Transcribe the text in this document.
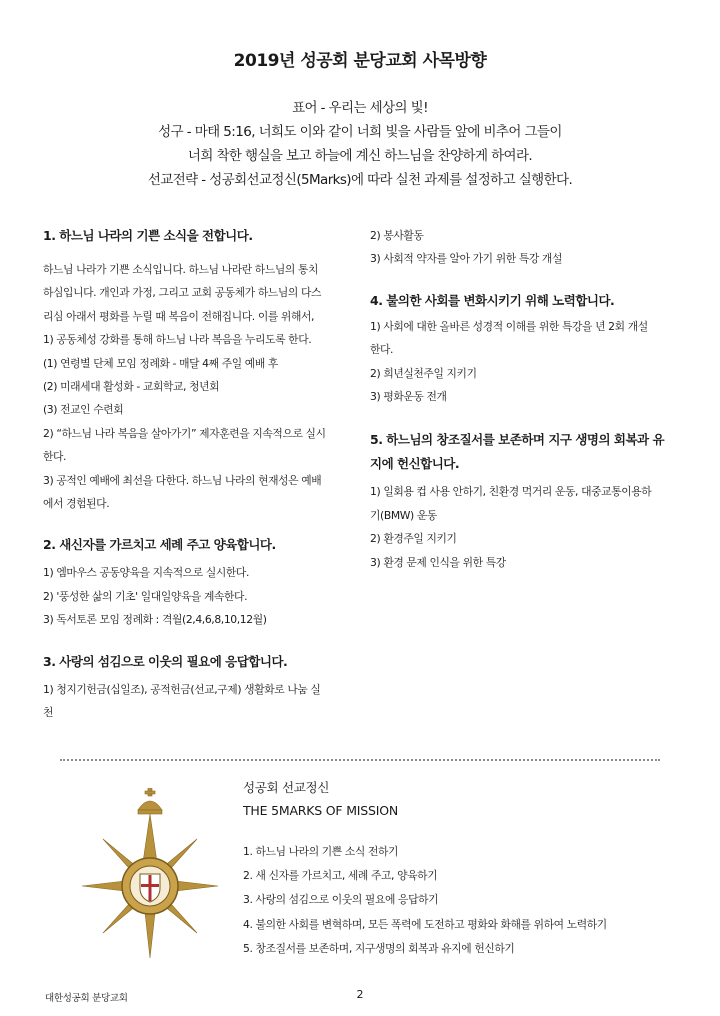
2019년 성공회 분당교회 사목방향
표어 - 우리는 세상의 빛!
성구 - 마태 5:16, 너희도 이와 같이 너희 빛을 사람들 앞에 비추어 그들이
너희 착한 행실을 보고 하늘에 계신 하느님을 찬양하게 하여라.
선교전략 - 성공회선교정신(5Marks)에 따라 실천 과제를 설정하고 실행한다.
1. 하느님 나라의 기쁜 소식을 전합니다.
하느님 나라가 기쁜 소식입니다. 하느님 나라란 하느님의 통치
하심입니다. 개인과 가정, 그리고 교회 공동체가 하느님의 다스
리심 아래서 평화를 누릴 때 복음이 전해집니다. 이를 위해서,
1) 공동체성 강화를 통해 하느님 나라 복음을 누리도록 한다.
(1) 연령별 단체 모임 정례화 - 매달 4째 주일 예배 후
(2) 미래세대 활성화 - 교회학교, 청년회
(3) 전교인 수련회
2) “하느님 나라 복음을 살아가기” 제자훈련을 지속적으로 실시
한다.
3) 공적인 예배에 최선을 다한다. 하느님 나라의 현재성은 예배
에서 경험된다.
2. 새신자를 가르치고 세례 주고 양육합니다.
1) 엠마우스 공동양육을 지속적으로 실시한다.
2) '풍성한 삶의 기초' 일대일양육을 계속한다.
3) 독서토론 모임 정례화 : 격월(2,4,6,8,10,12월)
3. 사랑의 섬김으로 이웃의 필요에 응답합니다.
1) 청지기헌금(십일조), 공적헌금(선교,구제) 생활화로 나눔 실
천
2) 봉사활동
3) 사회적 약자를 알아 가기 위한 특강 개설
4. 불의한 사회를 변화시키기 위해 노력합니다.
1) 사회에 대한 올바른 성경적 이해를 위한 특강을 년 2회 개설
한다.
2) 희년실천주일 지키기
3) 평화운동 전개
5. 하느님의 창조질서를 보존하며 지구 생명의 회복과 유
지에 헌신합니다.
1) 일회용 컵 사용 안하기, 친환경 먹거리 운동, 대중교통이용하
기(BMW) 운동
2) 환경주일 지키기
3) 환경 문제 인식을 위한 특강
성공회 선교정신
THE 5MARKS OF MISSION
1. 하느님 나라의 기쁜 소식 전하기
2. 새 신자를 가르치고, 세례 주고, 양육하기
3. 사랑의 섬김으로 이웃의 필요에 응답하기
4. 불의한 사회를 변혁하며, 모든 폭력에 도전하고 평화와 화해를 위하여 노력하기
5. 창조질서를 보존하며, 지구생명의 회복과 유지에 헌신하기
대한성공회 분당교회	2
